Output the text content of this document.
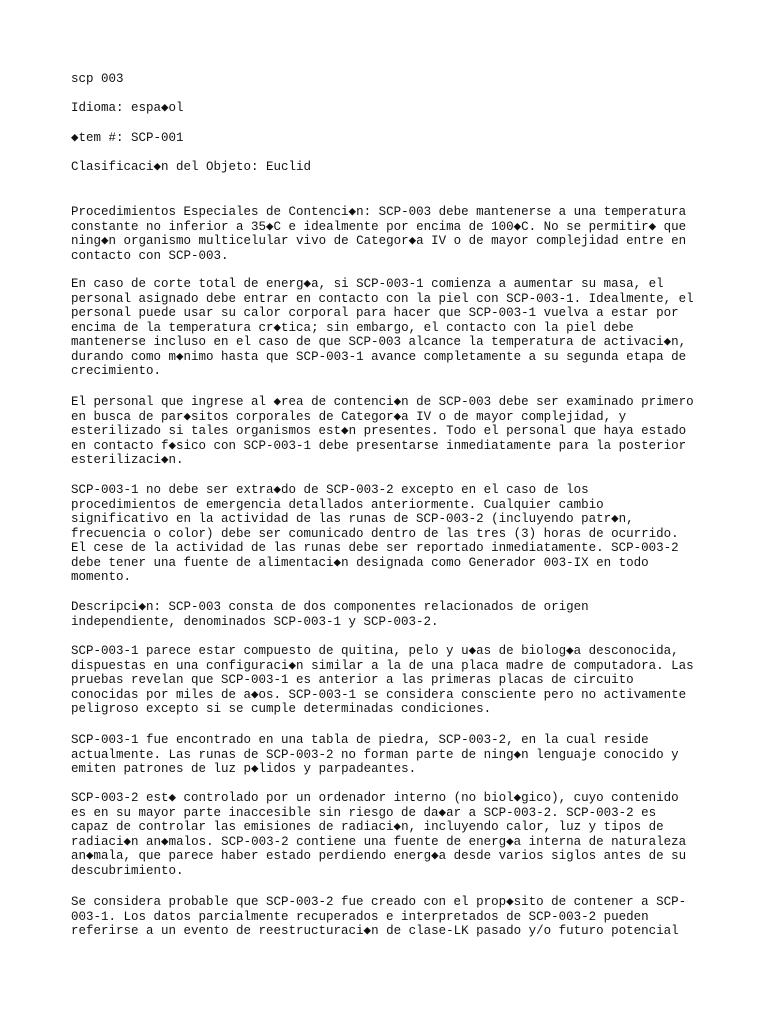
scp 003

Idioma: espa◆ol

◆tem #: SCP-001

Clasificaci◆n del Objeto: Euclid

Procedimientos Especiales de Contenci◆n: SCP-003 debe mantenerse a una temperatura
constante no inferior a 35◆C e idealmente por encima de 100◆C. No se permitir◆ que
ning◆n organismo multicelular vivo de Categor◆a IV o de mayor complejidad entre en
contacto con SCP-003.

En caso de corte total de energ◆a, si SCP-003-1 comienza a aumentar su masa, el
personal asignado debe entrar en contacto con la piel con SCP-003-1. Idealmente, el
personal puede usar su calor corporal para hacer que SCP-003-1 vuelva a estar por
encima de la temperatura cr◆tica; sin embargo, el contacto con la piel debe
mantenerse incluso en el caso de que SCP-003 alcance la temperatura de activaci◆n,
durando como m◆nimo hasta que SCP-003-1 avance completamente a su segunda etapa de
crecimiento.

El personal que ingrese al ◆rea de contenci◆n de SCP-003 debe ser examinado primero
en busca de par◆sitos corporales de Categor◆a IV o de mayor complejidad, y
esterilizado si tales organismos est◆n presentes. Todo el personal que haya estado
en contacto f◆sico con SCP-003-1 debe presentarse inmediatamente para la posterior
esterilizaci◆n.

SCP-003-1 no debe ser extra◆do de SCP-003-2 excepto en el caso de los
procedimientos de emergencia detallados anteriormente. Cualquier cambio
significativo en la actividad de las runas de SCP-003-2 (incluyendo patr◆n,
frecuencia o color) debe ser comunicado dentro de las tres (3) horas de ocurrido.
El cese de la actividad de las runas debe ser reportado inmediatamente. SCP-003-2
debe tener una fuente de alimentaci◆n designada como Generador 003-IX en todo
momento.

Descripci◆n: SCP-003 consta de dos componentes relacionados de origen
independiente, denominados SCP-003-1 y SCP-003-2.

SCP-003-1 parece estar compuesto de quitina, pelo y u◆as de biolog◆a desconocida,
dispuestas en una configuraci◆n similar a la de una placa madre de computadora. Las
pruebas revelan que SCP-003-1 es anterior a las primeras placas de circuito
conocidas por miles de a◆os. SCP-003-1 se considera consciente pero no activamente
peligroso excepto si se cumple determinadas condiciones.

SCP-003-1 fue encontrado en una tabla de piedra, SCP-003-2, en la cual reside
actualmente. Las runas de SCP-003-2 no forman parte de ning◆n lenguaje conocido y
emiten patrones de luz p◆lidos y parpadeantes.

SCP-003-2 est◆ controlado por un ordenador interno (no biol◆gico), cuyo contenido
es en su mayor parte inaccesible sin riesgo de da◆ar a SCP-003-2. SCP-003-2 es
capaz de controlar las emisiones de radiaci◆n, incluyendo calor, luz y tipos de
radiaci◆n an◆malos. SCP-003-2 contiene una fuente de energ◆a interna de naturaleza
an◆mala, que parece haber estado perdiendo energ◆a desde varios siglos antes de su
descubrimiento.

Se considera probable que SCP-003-2 fue creado con el prop◆sito de contener a SCP-
003-1. Los datos parcialmente recuperados e interpretados de SCP-003-2 pueden
referirse a un evento de reestructuraci◆n de clase-LK pasado y/o futuro potencial
